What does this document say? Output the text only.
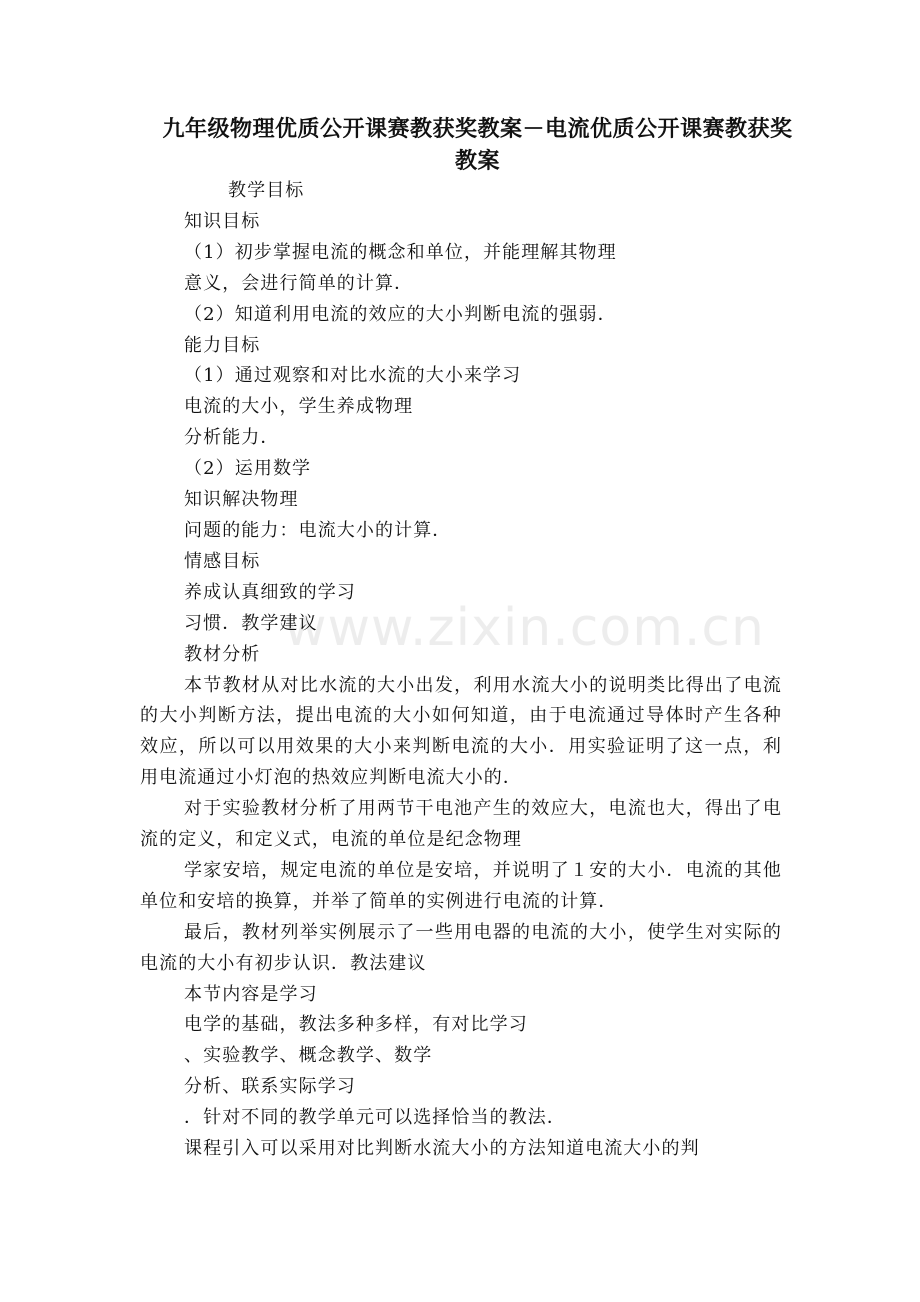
www.zixin.com.cn
九年级物理优质公开课赛教获奖教案－电流优质公开课赛教获奖教案
教学目标
知识目标
（1）初步掌握电流的概念和单位，并能理解其物理
意义，会进行简单的计算．
（2）知道利用电流的效应的大小判断电流的强弱．
能力目标
（1）通过观察和对比水流的大小来学习
电流的大小，学生养成物理
分析能力．
（2）运用数学
知识解决物理
问题的能力：电流大小的计算．
情感目标
养成认真细致的学习
习惯．教学建议
教材分析

本节教材从对比水流的大小出发，利用水流大小的说明类比得出了电流的大小判断方法，提出电流的大小如何知道，由于电流通过导体时产生各种效应，所以可以用效果的大小来判断电流的大小．用实验证明了这一点，利用电流通过小灯泡的热效应判断电流大小的．

对于实验教材分析了用两节干电池产生的效应大，电流也大，得出了电流的定义，和定义式，电流的单位是纪念物理

学家安培，规定电流的单位是安培，并说明了１安的大小．电流的其他单位和安培的换算，并举了简单的实例进行电流的计算．

最后，教材列举实例展示了一些用电器的电流的大小，使学生对实际的电流的大小有初步认识．教法建议

本节内容是学习
电学的基础，教法多种多样，有对比学习
、实验教学、概念教学、数学
分析、联系实际学习
．针对不同的教学单元可以选择恰当的教法．

课程引入可以采用对比判断水流大小的方法知道电流大小的判
